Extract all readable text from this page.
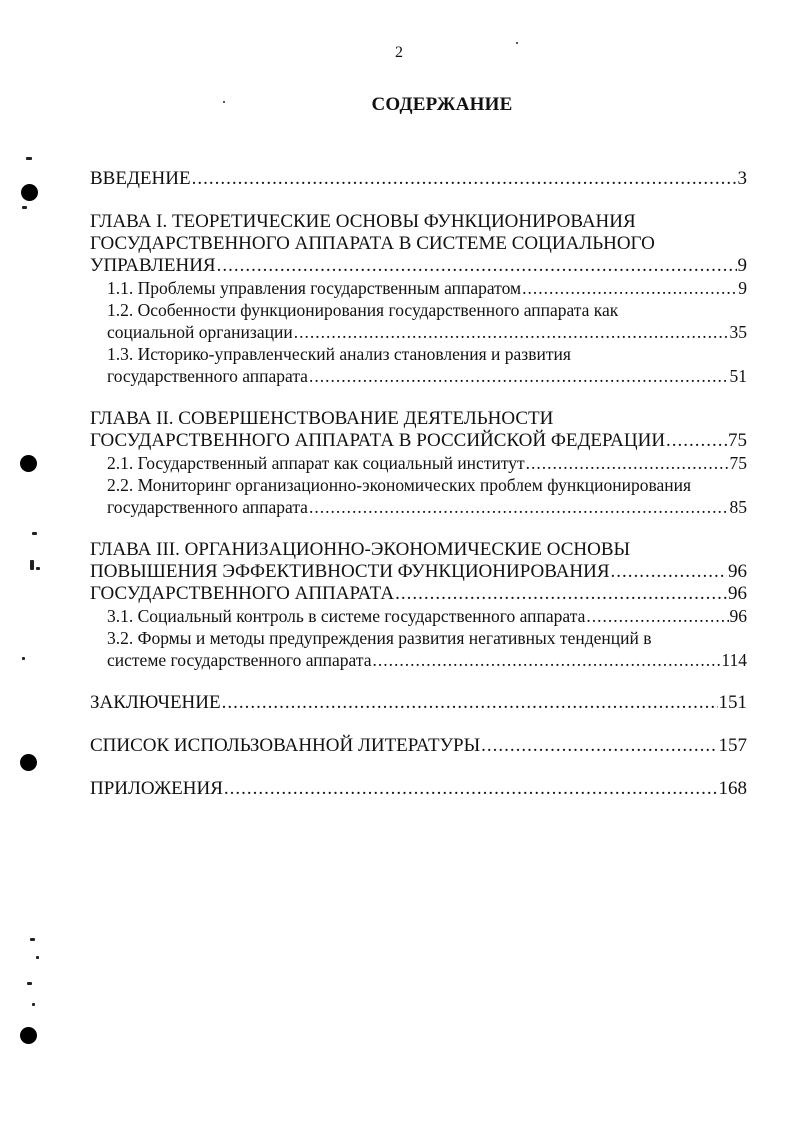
2
СОДЕРЖАНИЕ
ВВЕДЕНИЕ .....	3
ГЛАВА I. ТЕОРЕТИЧЕСКИЕ ОСНОВЫ ФУНКЦИОНИРОВАНИЯ
ГОСУДАРСТВЕННОГО АППАРАТА В СИСТЕМЕ СОЦИАЛЬНОГО
УПРАВЛЕНИЯ .....	9
1.1. Проблемы управления государственным аппаратом .....	9
1.2. Особенности функционирования государственного аппарата как
социальной организации .....	35
1.3. Историко-управленческий анализ становления и развития
государственного аппарата .....	51
ГЛАВА II. СОВЕРШЕНСТВОВАНИЕ ДЕЯТЕЛЬНОСТИ
ГОСУДАРСТВЕННОГО АППАРАТА В РОССИЙСКОЙ ФЕДЕРАЦИИ .....	75
2.1. Государственный аппарат как социальный институт .....	75
2.2. Мониторинг организационно-экономических проблем функционирования
государственного аппарата .....	85
ГЛАВА III. ОРГАНИЗАЦИОННО-ЭКОНОМИЧЕСКИЕ ОСНОВЫ
ПОВЫШЕНИЯ ЭФФЕКТИВНОСТИ ФУНКЦИОНИРОВАНИЯ .....	96
ГОСУДАРСТВЕННОГО АППАРАТА .....	96
3.1. Социальный контроль в системе государственного аппарата .....	96
3.2. Формы и методы предупреждения развития негативных тенденций в
системе государственного аппарата .....	114
ЗАКЛЮЧЕНИЕ .....	151
СПИСОК ИСПОЛЬЗОВАННОЙ ЛИТЕРАТУРЫ .....	157
ПРИЛОЖЕНИЯ .....	168
